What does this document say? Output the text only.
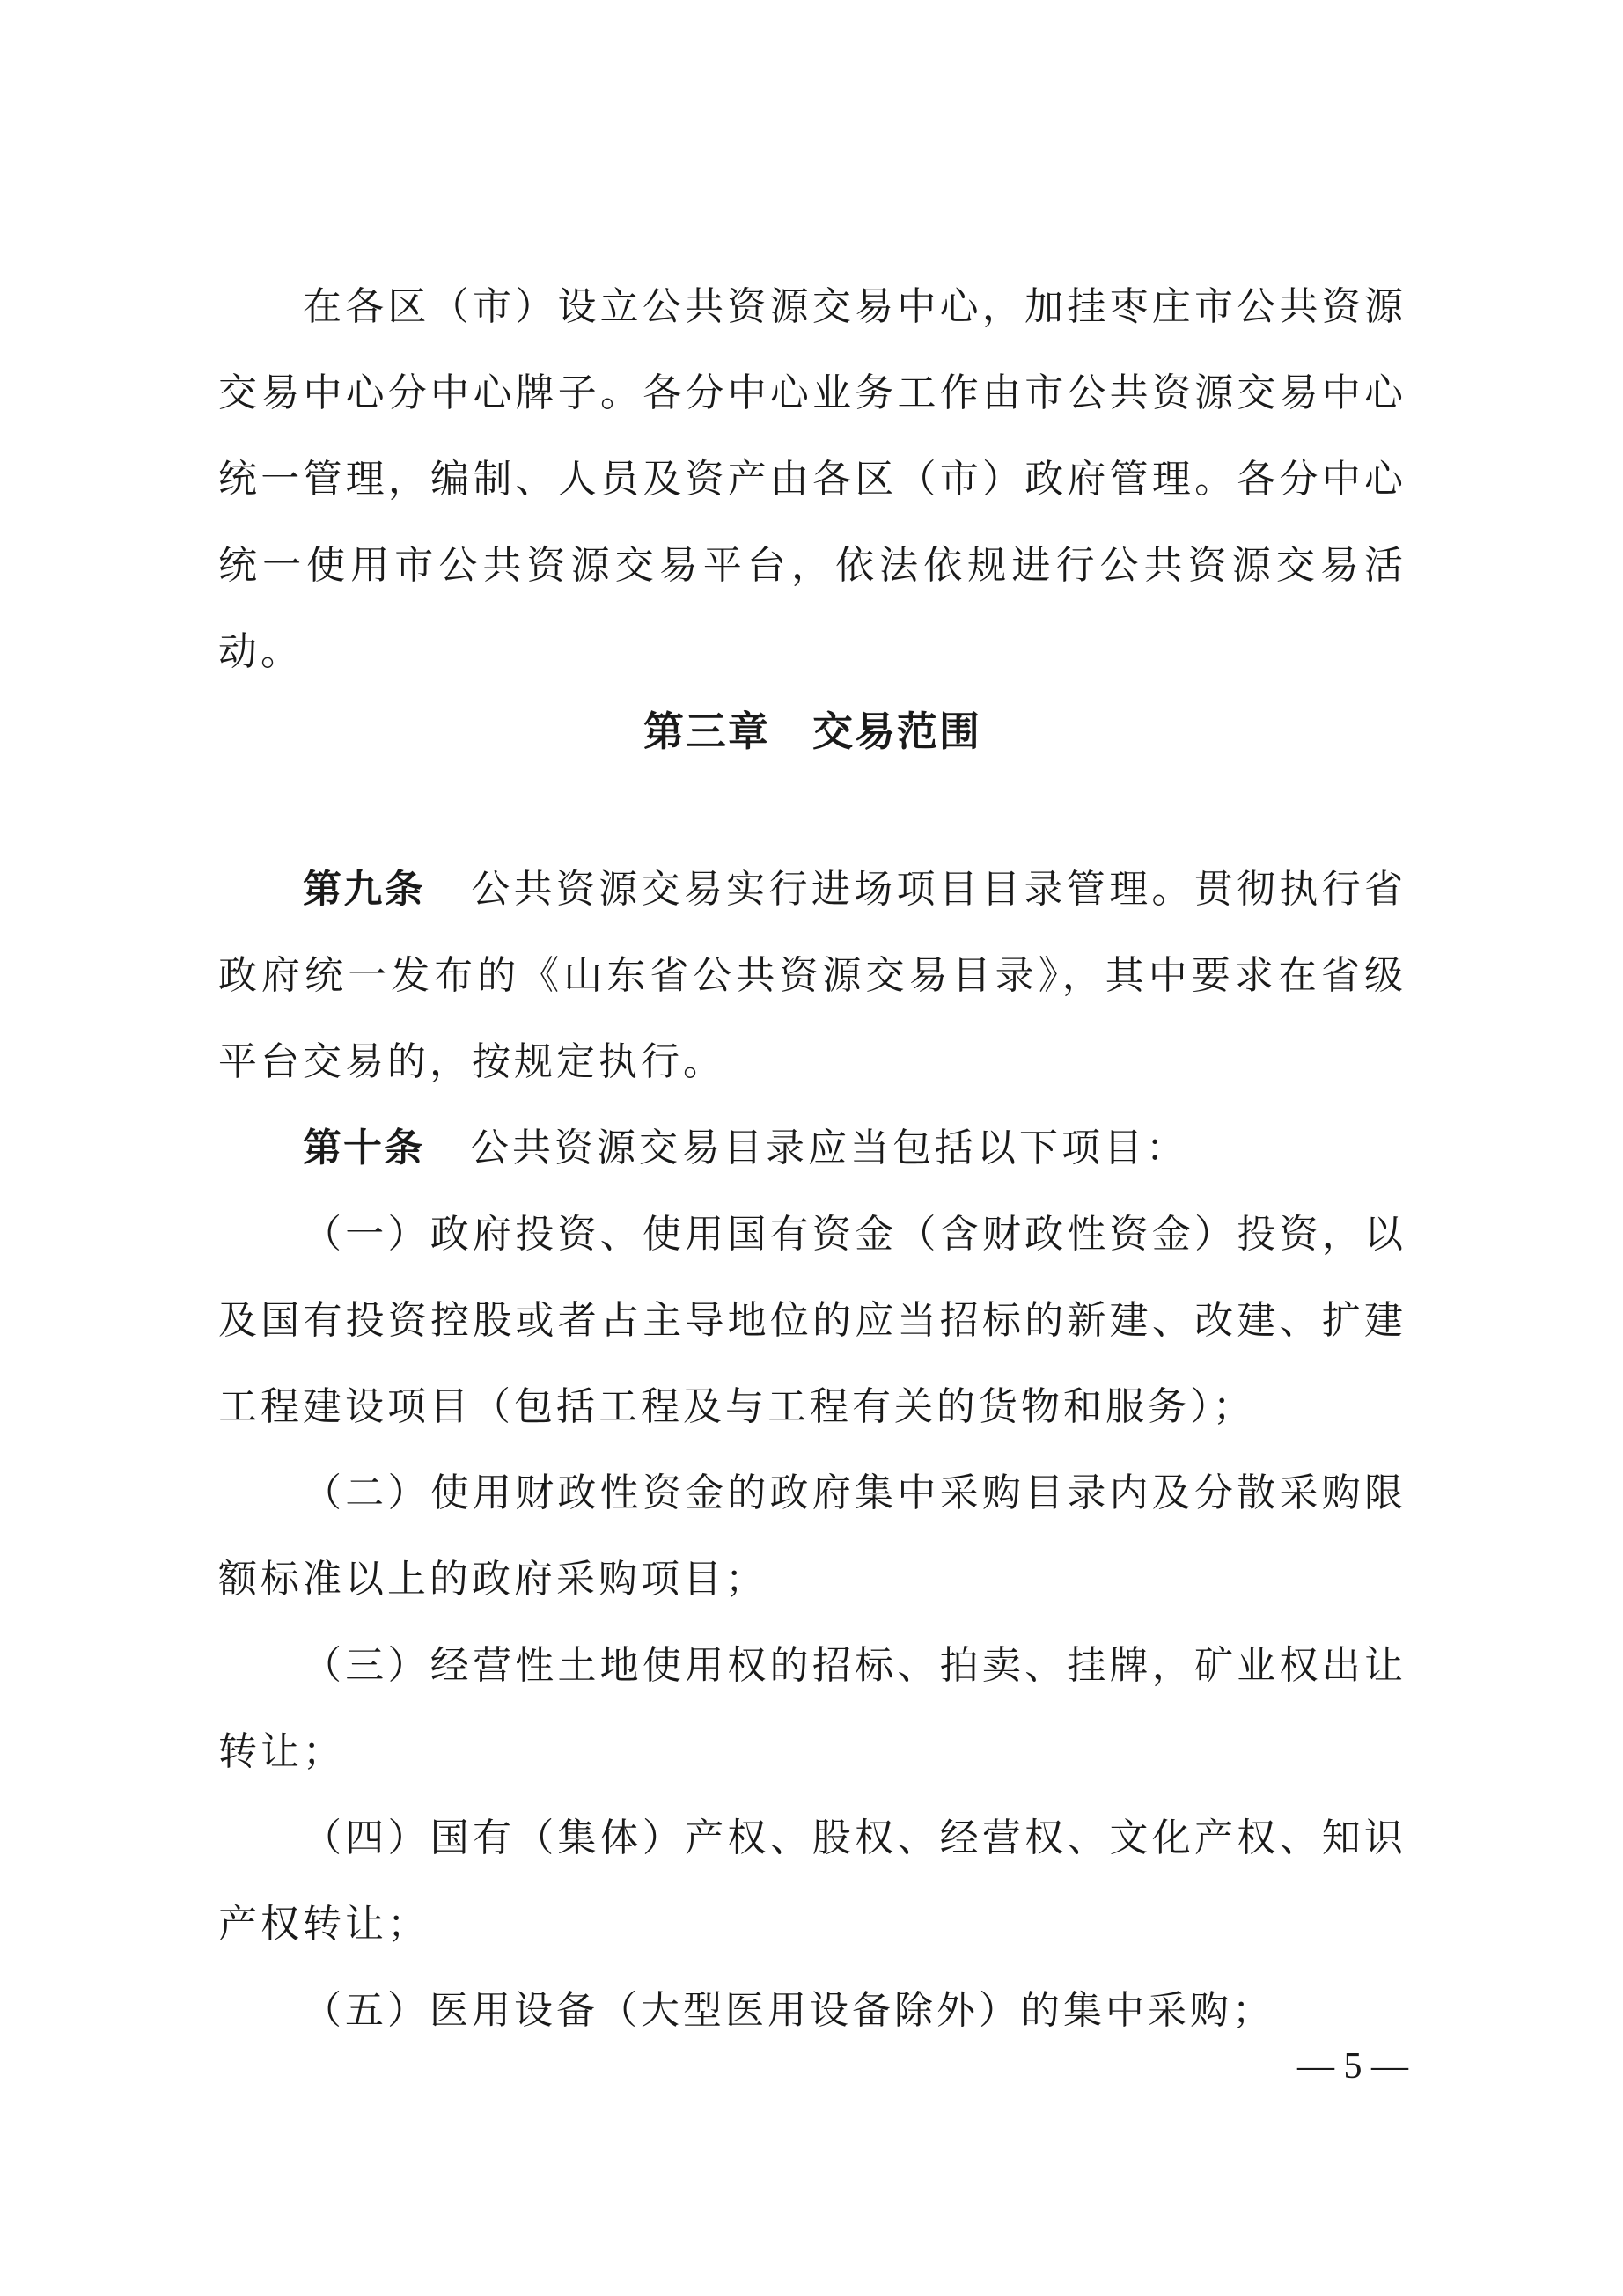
在各区（市）设立公共资源交易中心，加挂枣庄市公共资源交易中心分中心牌子。各分中心业务工作由市公共资源交易中心统一管理，编制、人员及资产由各区（市）政府管理。各分中心统一使用市公共资源交易平台，依法依规进行公共资源交易活动。

第三章　交易范围

第九条 公共资源交易实行进场项目目录管理。贯彻执行省政府统一发布的《山东省公共资源交易目录》，其中要求在省级平台交易的，按规定执行。

第十条 公共资源交易目录应当包括以下项目：

（一）政府投资、使用国有资金（含财政性资金）投资，以及国有投资控股或者占主导地位的应当招标的新建、改建、扩建工程建设项目（包括工程及与工程有关的货物和服务）；

（二）使用财政性资金的政府集中采购目录内及分散采购限额标准以上的政府采购项目；

（三）经营性土地使用权的招标、拍卖、挂牌，矿业权出让转让；

（四）国有（集体）产权、股权、经营权、文化产权、知识产权转让；

（五）医用设备（大型医用设备除外）的集中采购；

— 5 —
